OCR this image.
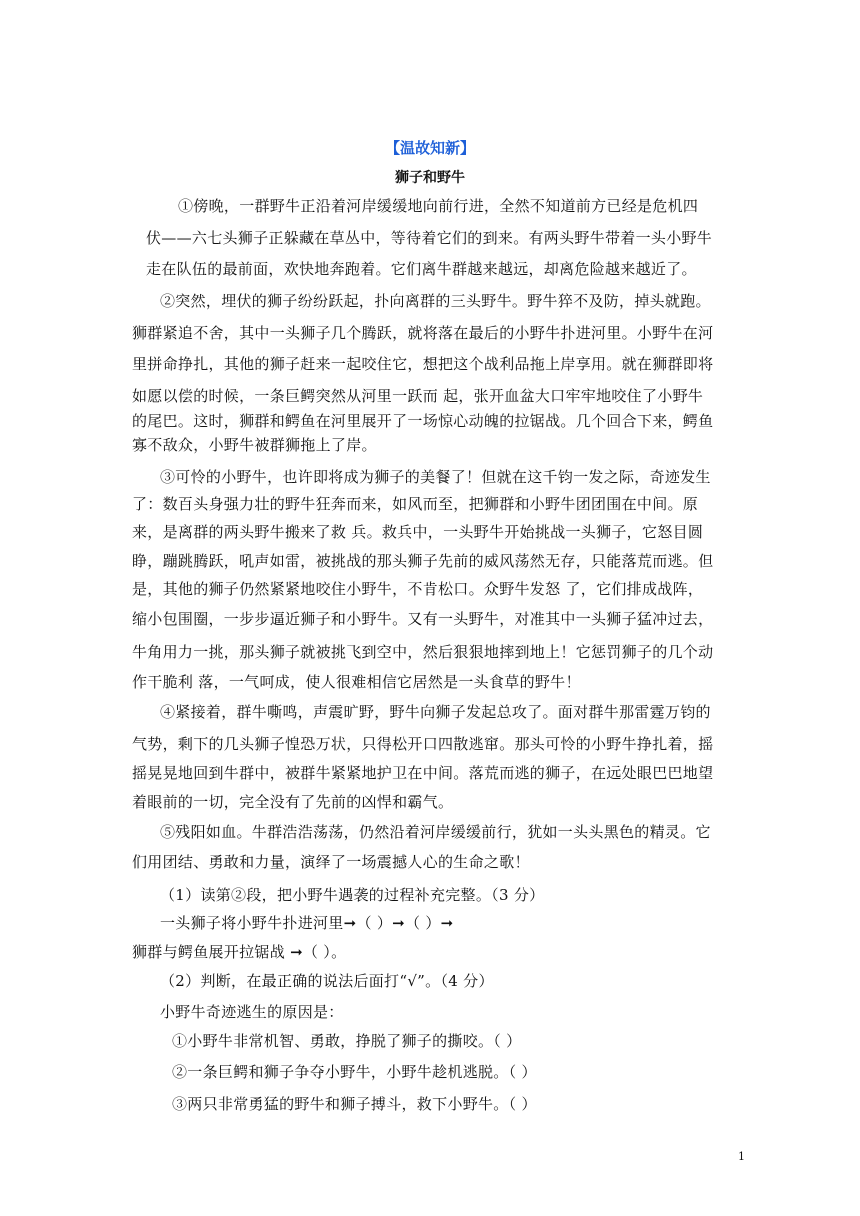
【温故知新】
狮子和野牛
①傍晚，一群野牛正沿着河岸缓缓地向前行进，全然不知道前方已经是危机四
伏——六七头狮子正躲藏在草丛中，等待着它们的到来。有两头野牛带着一头小野牛
走在队伍的最前面，欢快地奔跑着。它们离牛群越来越远，却离危险越来越近了。
②突然，埋伏的狮子纷纷跃起，扑向离群的三头野牛。野牛猝不及防，掉头就跑。
狮群紧追不舍，其中一头狮子几个腾跃，就将落在最后的小野牛扑进河里。小野牛在河
里拼命挣扎，其他的狮子赶来一起咬住它，想把这个战利品拖上岸享用。就在狮群即将
如愿以偿的时候，一条巨鳄突然从河里一跃而 起，张开血盆大口牢牢地咬住了小野牛
的尾巴。这时，狮群和鳄鱼在河里展开了一场惊心动魄的拉锯战。几个回合下来，鳄鱼
寡不敌众，小野牛被群狮拖上了岸。
③可怜的小野牛，也许即将成为狮子的美餐了！但就在这千钧一发之际，奇迹发生
了：数百头身强力壮的野牛狂奔而来，如风而至，把狮群和小野牛团团围在中间。原
来，是离群的两头野牛搬来了救 兵。救兵中，一头野牛开始挑战一头狮子，它怒目圆
睁，蹦跳腾跃，吼声如雷，被挑战的那头狮子先前的威风荡然无存，只能落荒而逃。但
是，其他的狮子仍然紧紧地咬住小野牛，不肯松口。众野牛发怒 了，它们排成战阵，
缩小包围圈，一步步逼近狮子和小野牛。又有一头野牛，对准其中一头狮子猛冲过去，
牛角用力一挑，那头狮子就被挑飞到空中，然后狠狠地摔到地上！它惩罚狮子的几个动
作干脆利 落，一气呵成，使人很难相信它居然是一头食草的野牛！
④紧接着，群牛嘶鸣，声震旷野，野牛向狮子发起总攻了。面对群牛那雷霆万钧的
气势，剩下的几头狮子惶恐万状，只得松开口四散逃窜。那头可怜的小野牛挣扎着，摇
摇晃晃地回到牛群中，被群牛紧紧地护卫在中间。落荒而逃的狮子，在远处眼巴巴地望
着眼前的一切，完全没有了先前的凶悍和霸气。
⑤残阳如血。牛群浩浩荡荡，仍然沿着河岸缓缓前行，犹如一头头黑色的精灵。它
们用团结、勇敢和力量，演绎了一场震撼人心的生命之歌！
（1）读第②段，把小野牛遇袭的过程补充完整。（3 分）
一头狮子将小野牛扑进河里➞（ ）➞（ ）➞
狮群与鳄鱼展开拉锯战 ➞（ ）。
（2）判断，在最正确的说法后面打“√”。（4 分）
小野牛奇迹逃生的原因是：
①小野牛非常机智、勇敢，挣脱了狮子的撕咬。（ ）
②一条巨鳄和狮子争夺小野牛，小野牛趁机逃脱。（ ）
③两只非常勇猛的野牛和狮子搏斗，救下小野牛。（ ）
1
